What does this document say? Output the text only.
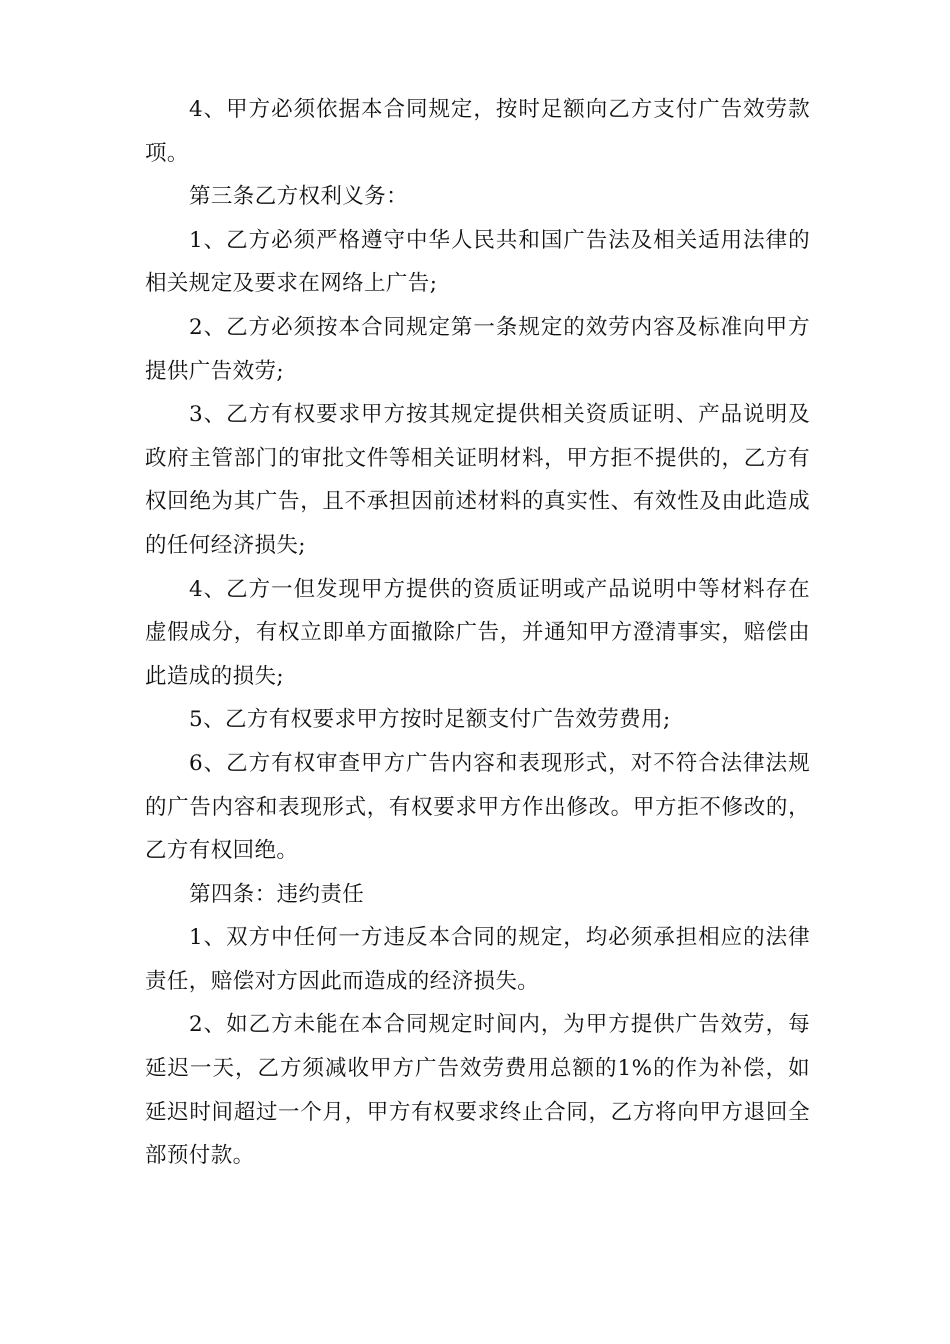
4、甲方必须依据本合同规定，按时足额向乙方支付广告效劳款项。

第三条乙方权利义务：

1、乙方必须严格遵守中华人民共和国广告法及相关适用法律的相关规定及要求在网络上广告;

2、乙方必须按本合同规定第一条规定的效劳内容及标准向甲方提供广告效劳;

3、乙方有权要求甲方按其规定提供相关资质证明、产品说明及政府主管部门的审批文件等相关证明材料，甲方拒不提供的，乙方有权回绝为其广告，且不承担因前述材料的真实性、有效性及由此造成的任何经济损失;

4、乙方一但发现甲方提供的资质证明或产品说明中等材料存在虚假成分，有权立即单方面撤除广告，并通知甲方澄清事实，赔偿由此造成的损失;

5、乙方有权要求甲方按时足额支付广告效劳费用;

6、乙方有权审查甲方广告内容和表现形式，对不符合法律法规的广告内容和表现形式，有权要求甲方作出修改。甲方拒不修改的，乙方有权回绝。

第四条：违约责任

1、双方中任何一方违反本合同的规定，均必须承担相应的法律责任，赔偿对方因此而造成的经济损失。

2、如乙方未能在本合同规定时间内，为甲方提供广告效劳，每延迟一天，乙方须减收甲方广告效劳费用总额的1%的作为补偿，如延迟时间超过一个月，甲方有权要求终止合同，乙方将向甲方退回全部预付款。
